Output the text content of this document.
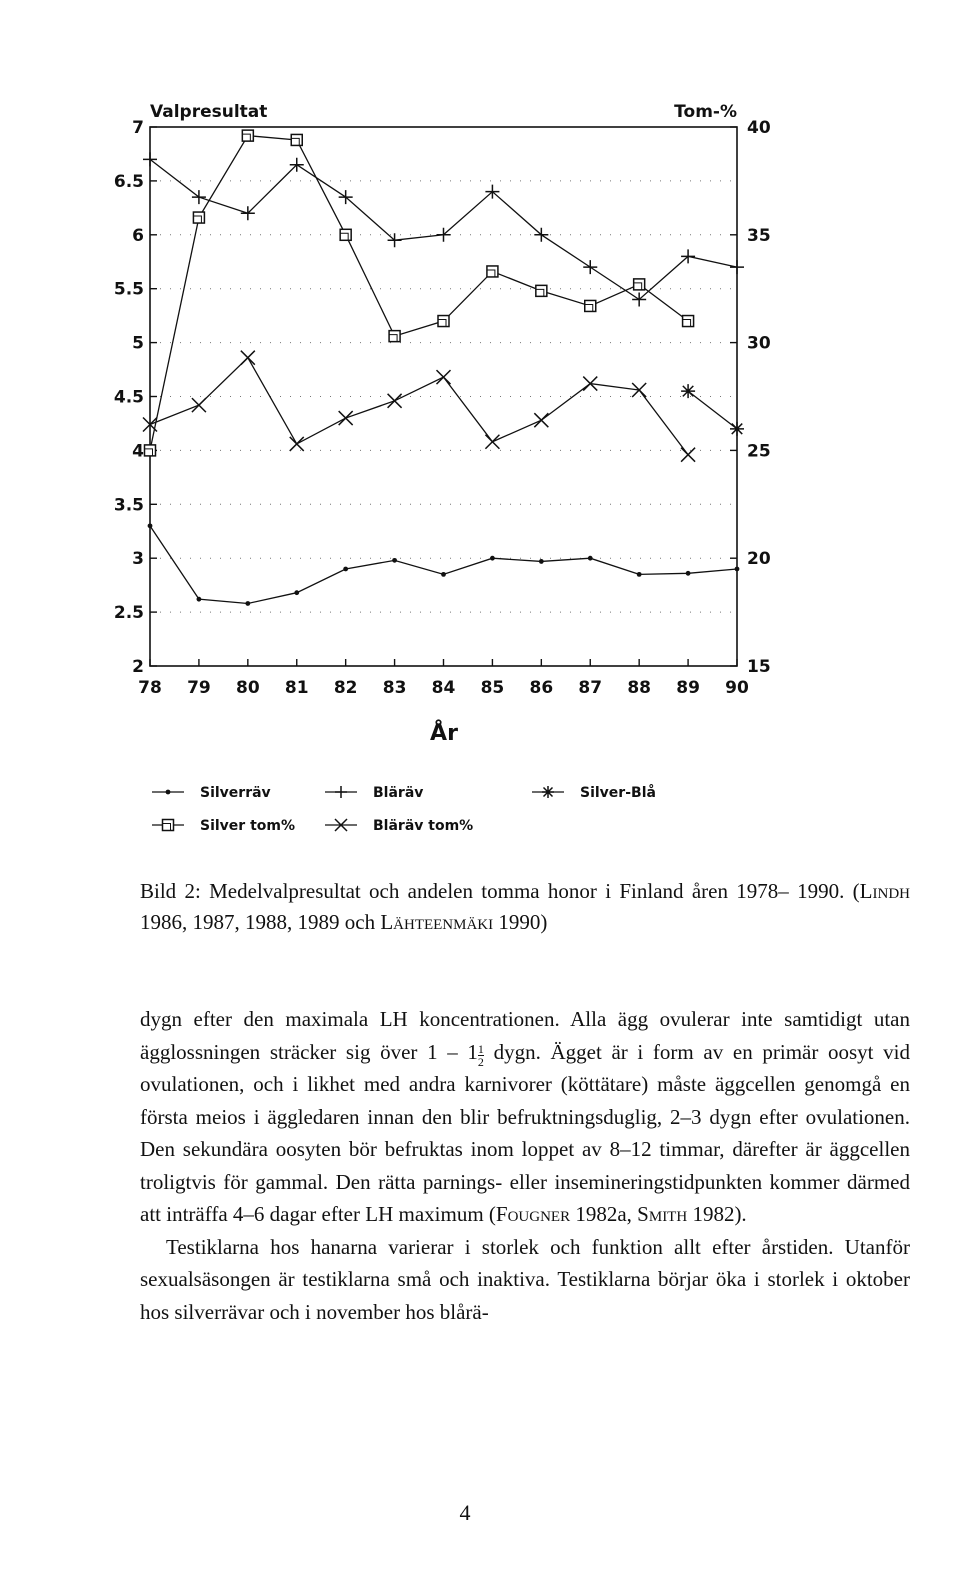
Valpresultat	Tom-%
2
2.5
3
3.5
4
4.5
5
5.5
6
6.5
7
15
20
25
30
35
40
78 79 80 81 82 83 84 85 86 87 88 89 90
År
Silverräv	Bläräv	Silver-Blå
Silver tom%	Bläräv tom%
Bild 2: Medelvalpresultat och andelen tomma honor i Finland åren 1978– 1990. (Lindh 1986, 1987, 1988, 1989 och Lähteenmäki 1990)

dygn efter den maximala LH koncentrationen. Alla ägg ovulerar inte samtidigt utan ägglossningen sträcker sig över $1 - 1 \frac{1}{2}$ dygn. Ägget är i form av en primär oosyt vid ovulationen, och i likhet med andra karnivorer (köttätare) måste äggcellen genomgå en första meios i äggledaren innan den blir befruktningsduglig, 2–3 dygn efter ovulationen. Den sekundära oosyten bör befruktas inom loppet av 8–12 timmar, därefter är äggcellen troligtvis för gammal. Den rätta parnings- eller insemineringstidpunkten kommer därmed att inträffa 4–6 dagar efter LH maximum (Fougner 1982a, Smith 1982).

Testiklarna hos hanarna varierar i storlek och funktion allt efter årstiden. Utanför sexualsäsongen är testiklarna små och inaktiva. Testiklarna börjar öka i storlek i oktober hos silverrävar och i november hos blårä-

4
